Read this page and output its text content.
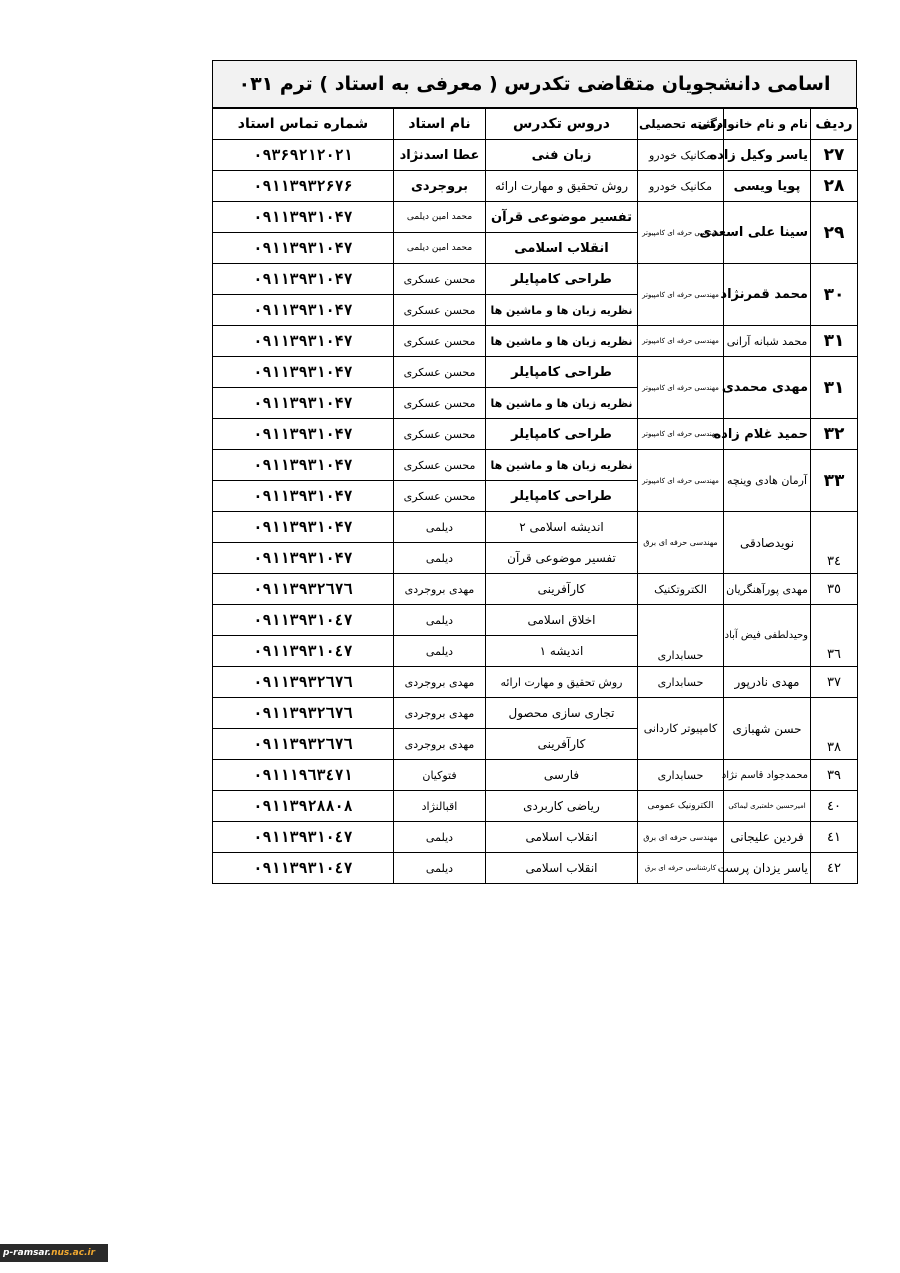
اسامی دانشجویان متقاضی تکدرس ( معرفی به استاد ) ترم ۰۳۱
ردیف	نام و نام خانوادگی	رشته تحصیلی	دروس تکدرس	نام استاد	شماره تماس استاد
۲۷	یاسر وکیل زاده	مکانیک خودرو	زبان فنی	عطا اسدنژاد	۰۹۳۶۹۲۱۲۰۲۱
۲۸	پویا ویسی	مکانیک خودرو	روش تحقیق و مهارت ارائه	بروجردی	۰۹۱۱۳۹۳۲۶۷۶
۲۹	سینا علی اسعدی	مهندسی حرفه ای کامپیوتر	تفسیر موضوعی قرآن	محمد امین دیلمی	۰۹۱۱۳۹۳۱۰۴۷
			انقلاب اسلامی	محمد امین دیلمی	۰۹۱۱۳۹۳۱۰۴۷
۳۰	محمد قمرنژاد	مهندسی حرفه ای کامپیوتر	طراحی کامپایلر	محسن عسکری	۰۹۱۱۳۹۳۱۰۴۷
			نظریه زبان ها و ماشین ها	محسن عسکری	۰۹۱۱۳۹۳۱۰۴۷
۳۱	محمد شبانه آرانی	مهندسی حرفه ای کامپیوتر	نظریه زبان ها و ماشین ها	محسن عسکری	۰۹۱۱۳۹۳۱۰۴۷
۳۱	مهدی محمدی	مهندسی حرفه ای کامپیوتر	طراحی کامپایلر	محسن عسکری	۰۹۱۱۳۹۳۱۰۴۷
			نظریه زبان ها و ماشین ها	محسن عسکری	۰۹۱۱۳۹۳۱۰۴۷
۳۲	حمید غلام زاده	مهندسی حرفه ای کامپیوتر	طراحی کامپایلر	محسن عسکری	۰۹۱۱۳۹۳۱۰۴۷
۳۳	آرمان هادی وینچه	مهندسی حرفه ای کامپیوتر	نظریه زبان ها و ماشین ها	محسن عسکری	۰۹۱۱۳۹۳۱۰۴۷
			طراحی کامپایلر	محسن عسکری	۰۹۱۱۳۹۳۱۰۴۷
۳٤	نویدصادقی	مهندسی حرفه ای برق	اندیشه اسلامی ۲	دیلمی	۰۹۱۱۳۹۳۱۰۴۷
			تفسیر موضوعی قرآن	دیلمی	۰۹۱۱۳۹۳۱۰۴۷
۳٥	مهدی پورآهنگریان	الکتروتکنیک	کارآفرینی	مهدی بروجردی	۰۹۱۱۳۹۳۲٦۷٦
۳٦	وحیدلطفی فیض آباد	حسابداری	اخلاق اسلامی	دیلمی	۰۹۱۱۳۹۳۱۰٤۷
			اندیشه ۱	دیلمی	۰۹۱۱۳۹۳۱۰٤۷
۳۷	مهدی نادرپور	حسابداری	روش تحقیق و مهارت ارائه	مهدی بروجردی	۰۹۱۱۳۹۳۲٦۷٦
۳۸	حسن شهبازی	کامپیوتر کاردانی	تجاری سازی محصول	مهدی بروجردی	۰۹۱۱۳۹۳۲٦۷٦
			کارآفرینی	مهدی بروجردی	۰۹۱۱۳۹۳۲٦۷٦
۳۹	محمدجواد قاسم نژاد	حسابداری	فارسی	فتوکیان	۰۹۱۱۱۹٦۳٤۷۱
٤۰	امیرحسین خلعتبری لیماکی	الکترونیک عمومی	ریاضی کاربردی	اقبالنژاد	۰۹۱۱۳۹۲۸۸۰۸
٤۱	فردین علیجانی	مهندسی حرفه ای برق	انقلاب اسلامی	دیلمی	۰۹۱۱۳۹۳۱۰٤۷
٤۲	یاسر یزدان پرست	کارشناسی حرفه ای برق	انقلاب اسلامی	دیلمی	۰۹۱۱۳۹۳۱۰٤۷
p-ramsar.nus.ac.ir
